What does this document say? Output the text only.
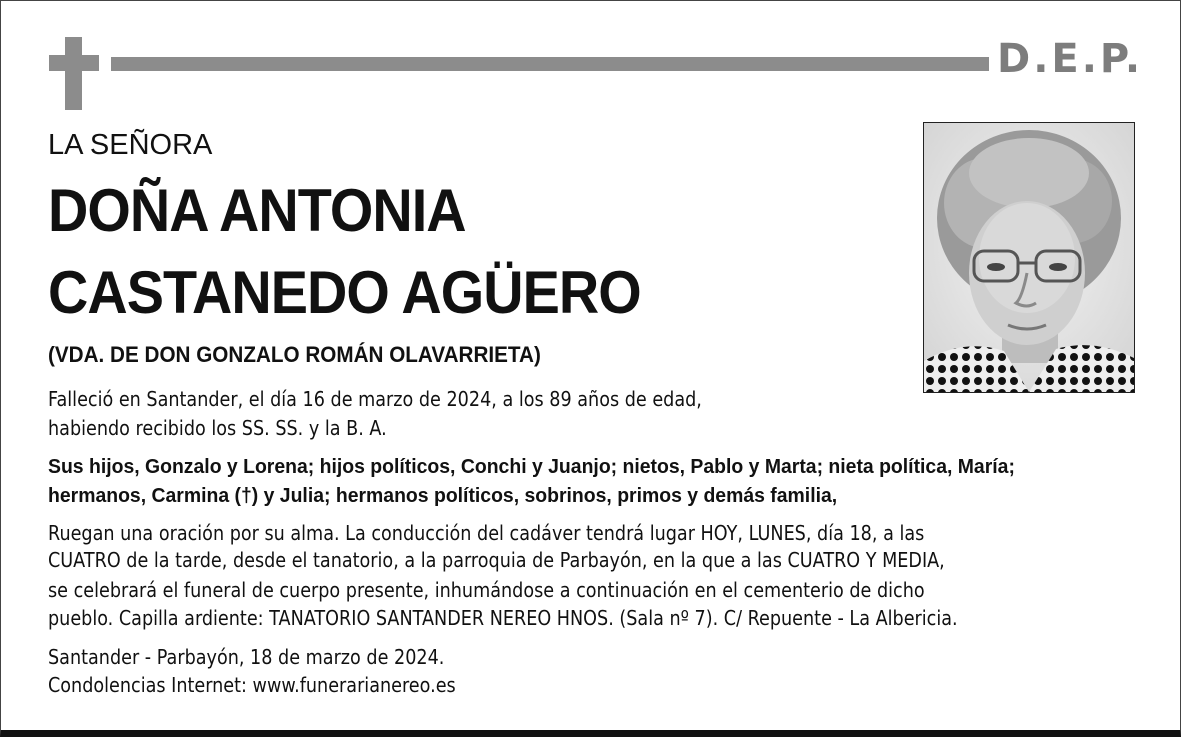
D.E.P.
LA SEÑORA
DOÑA ANTONIA
CASTANEDO AGÜERO
(VDA. DE DON GONZALO ROMÁN OLAVARRIETA)
Falleció en Santander, el día 16 de marzo de 2024, a los 89 años de edad,
habiendo recibido los SS. SS. y la B. A.
Sus hijos, Gonzalo y Lorena; hijos políticos, Conchi y Juanjo; nietos, Pablo y Marta; nieta política, María;
hermanos, Carmina (†) y Julia; hermanos políticos, sobrinos, primos y demás familia,
Ruegan una oración por su alma. La conducción del cadáver tendrá lugar HOY, LUNES, día 18, a las
CUATRO de la tarde, desde el tanatorio, a la parroquia de Parbayón, en la que a las CUATRO Y MEDIA,
se celebrará el funeral de cuerpo presente, inhumándose a continuación en el cementerio de dicho
pueblo. Capilla ardiente: TANATORIO SANTANDER NEREO HNOS. (Sala nº 7). C/ Repuente - La Albericia.
Santander - Parbayón, 18 de marzo de 2024.
Condolencias Internet: www.funerarianereo.es
